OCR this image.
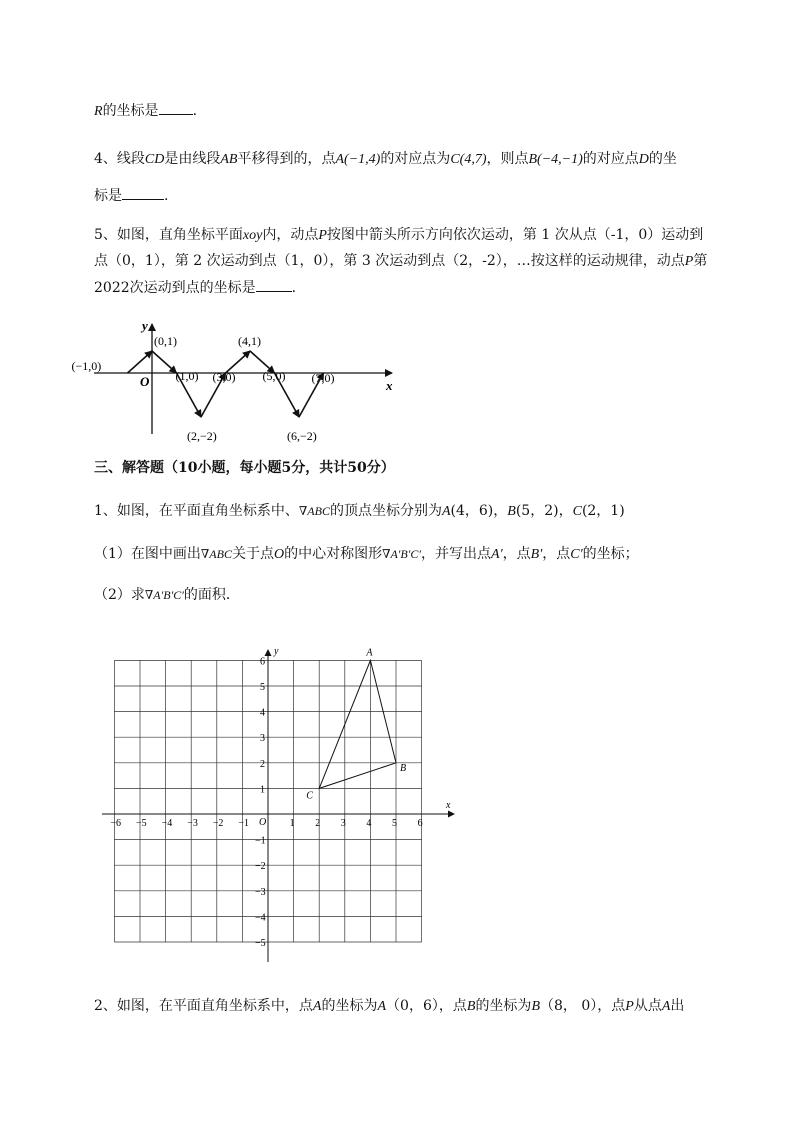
R的坐标是 .
4、线段CD是由线段AB平移得到的，点A(−1,4)的对应点为C(4,7)，则点B(−4,−1)的对应点D的坐
标是	.
5、如图，直角坐标平面xoy内，动点P按图中箭头所示方向依次运动，第 1 次从点（-1，0）运动到
点（0，1），第 2 次运动到点（1，0），第 3 次运动到点（2，-2），…按这样的运动规律，动点P第
2022次运动到点的坐标是	.
y
x
O
(−1,0)
(0,1)
(1,0)
(2,−2)
(3,0)
(4,1)
(5,0)
(6,−2)
(7,0)
三、解答题（10小题，每小题5分，共计50分）
1、如图，在平面直角坐标系中、∇ABC的顶点坐标分别为A(4，6)，B(5，2)，C(2，1)
（1）在图中画出∇ABC关于点O的中心对称图形∇A′B′C′，并写出点A′，点B′，点C′的坐标；
（2）求∇A′B′C′的面积．
x
y
O
−6 −5 −4 −3 −2 −1	1 2 3 4 5 6
6
5
4
3
2
1
−1
−2
−3
−4
−5
A
B
C
2、如图，在平面直角坐标系中，点A的坐标为A（0，6），点B的坐标为B（8， 0），点P从点A出
